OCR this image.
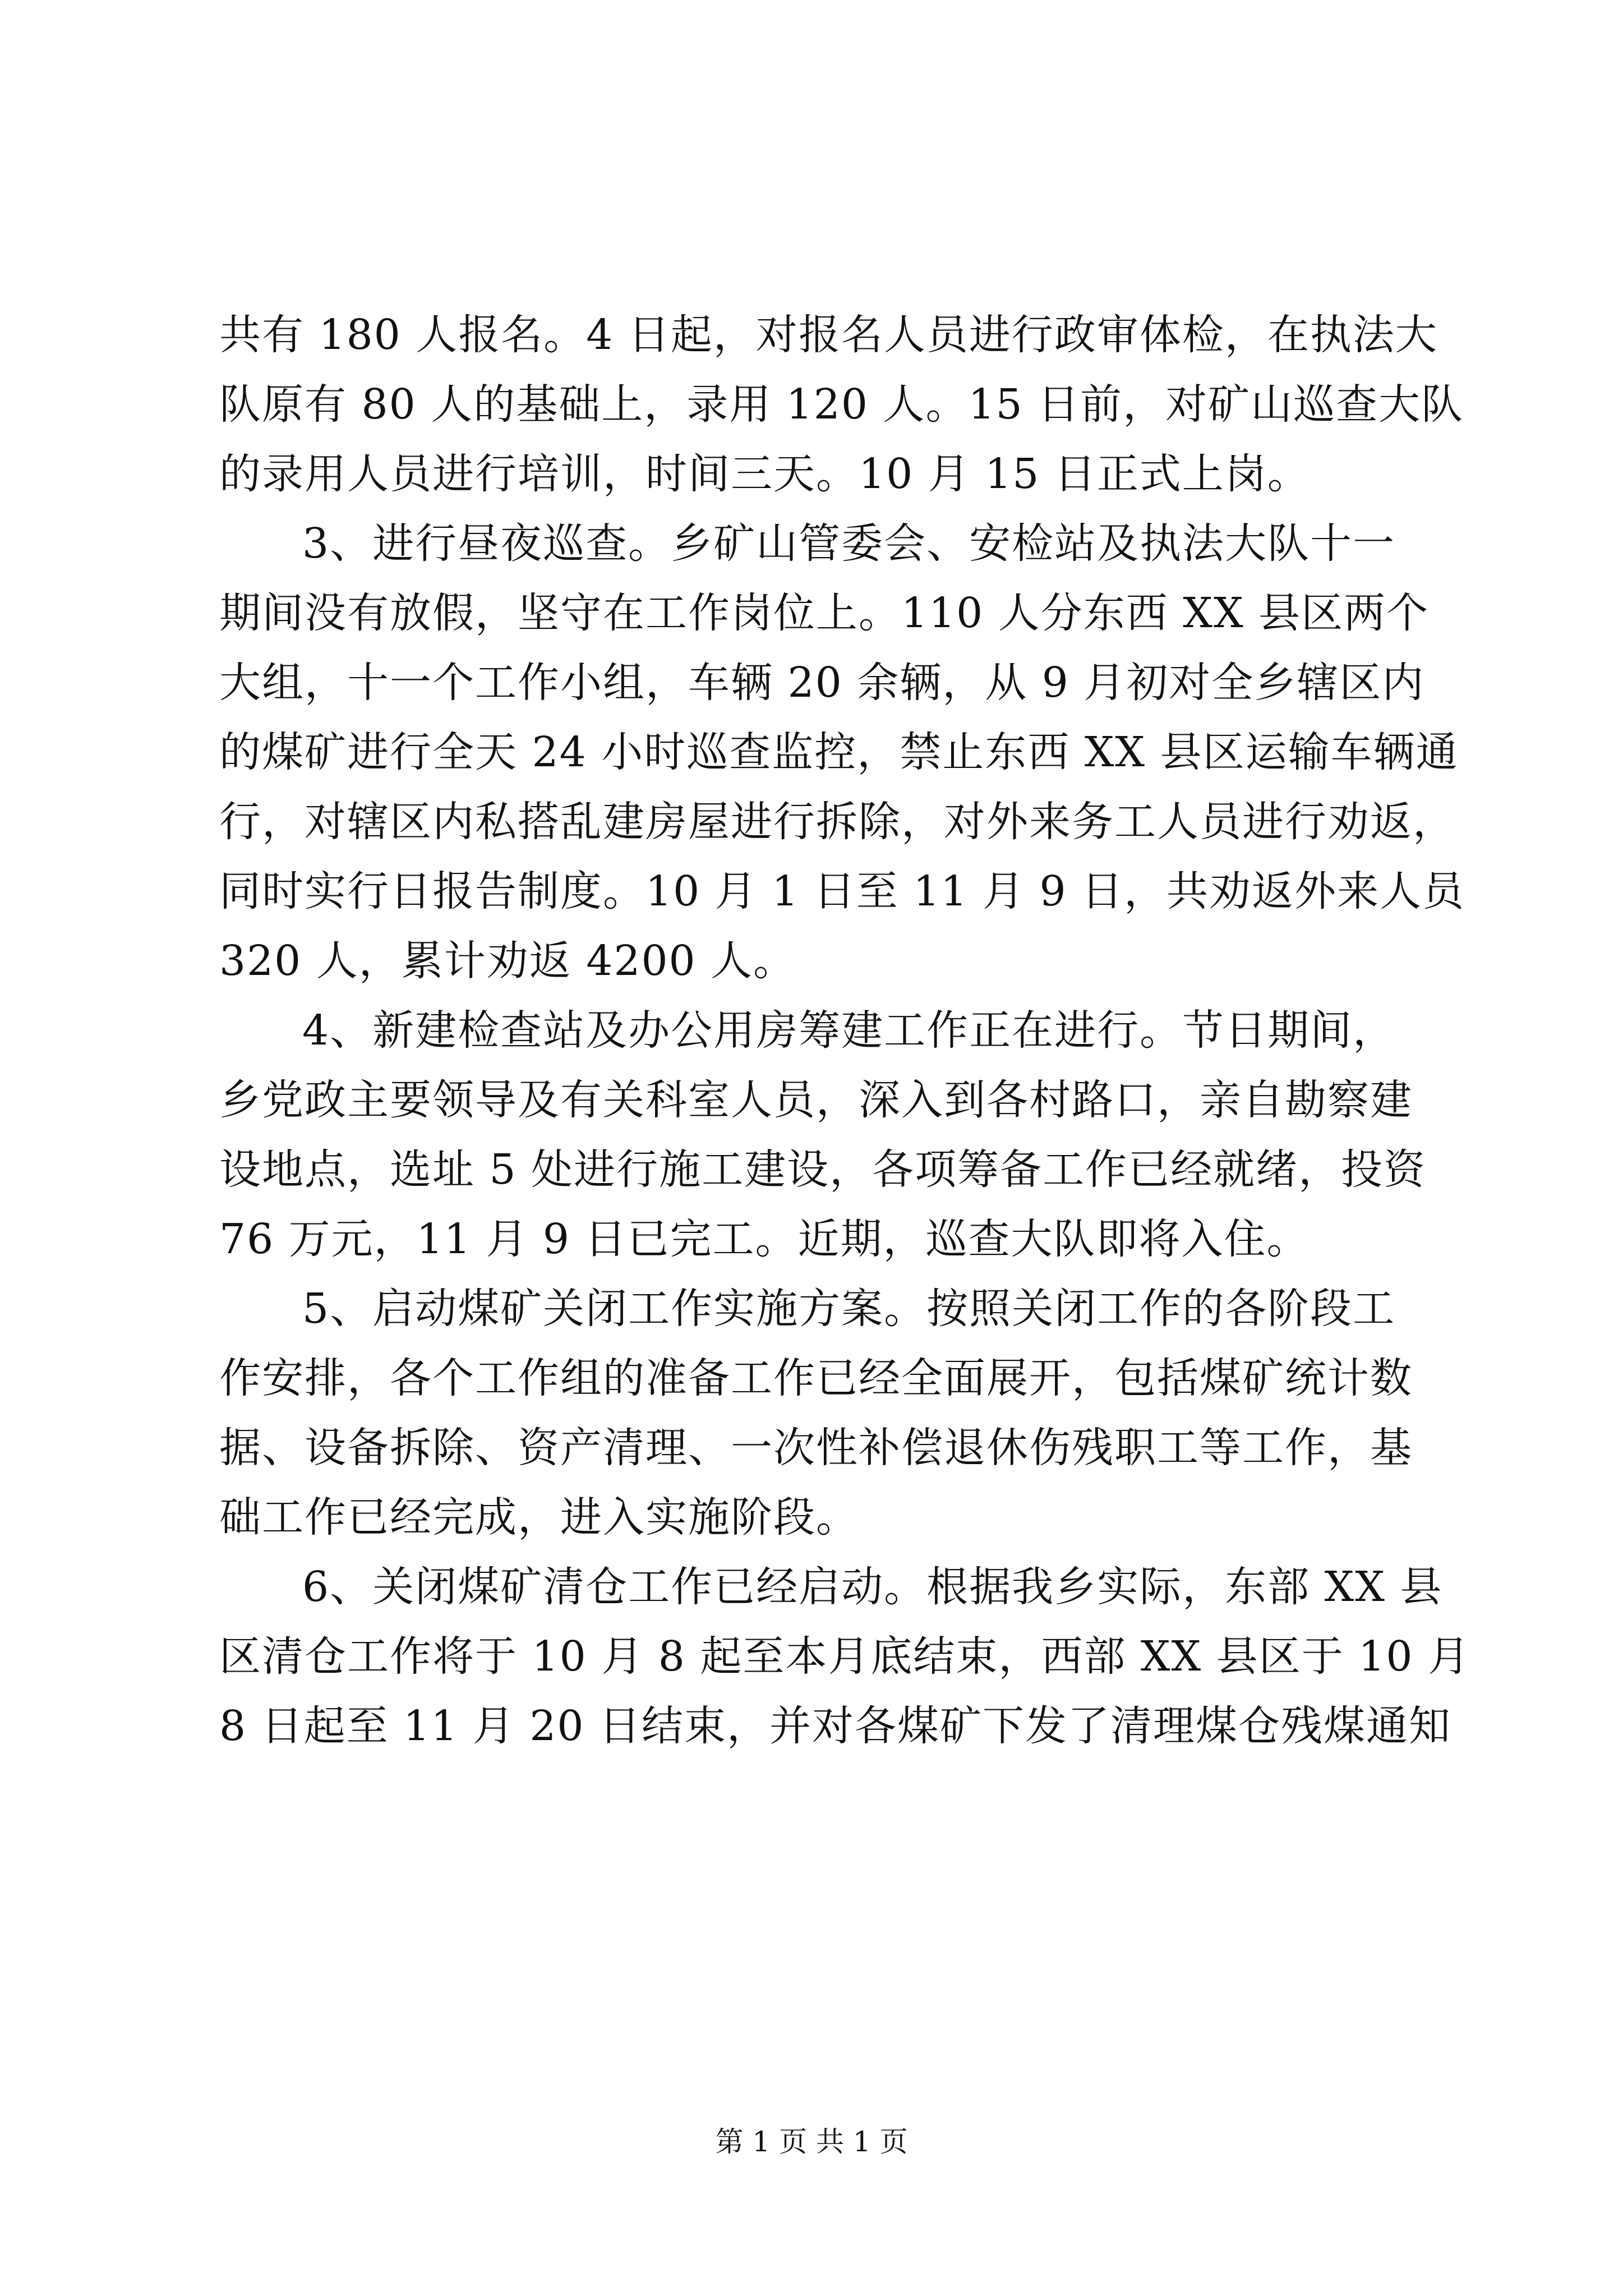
共有 180 人报名。4 日起，对报名人员进行政审体检，在执法大
队原有 80 人的基础上，录用 120 人。15 日前，对矿山巡查大队
的录用人员进行培训，时间三天。10 月 15 日正式上岗。
3、进行昼夜巡查。乡矿山管委会、安检站及执法大队十一
期间没有放假，坚守在工作岗位上。110 人分东西 XX 县区两个
大组，十一个工作小组，车辆 20 余辆，从 9 月初对全乡辖区内
的煤矿进行全天 24 小时巡查监控，禁止东西 XX 县区运输车辆通
行，对辖区内私搭乱建房屋进行拆除，对外来务工人员进行劝返，
同时实行日报告制度。10 月 1 日至 11 月 9 日，共劝返外来人员
320 人，累计劝返 4200 人。
4、新建检查站及办公用房筹建工作正在进行。节日期间，
乡党政主要领导及有关科室人员，深入到各村路口，亲自勘察建
设地点，选址 5 处进行施工建设，各项筹备工作已经就绪，投资
76 万元，11 月 9 日已完工。近期，巡查大队即将入住。
5、启动煤矿关闭工作实施方案。按照关闭工作的各阶段工
作安排，各个工作组的准备工作已经全面展开，包括煤矿统计数
据、设备拆除、资产清理、一次性补偿退休伤残职工等工作，基
础工作已经完成，进入实施阶段。
6、关闭煤矿清仓工作已经启动。根据我乡实际，东部 XX 县
区清仓工作将于 10 月 8 起至本月底结束，西部 XX 县区于 10 月
8 日起至 11 月 20 日结束，并对各煤矿下发了清理煤仓残煤通知
第 1 页 共 1 页
